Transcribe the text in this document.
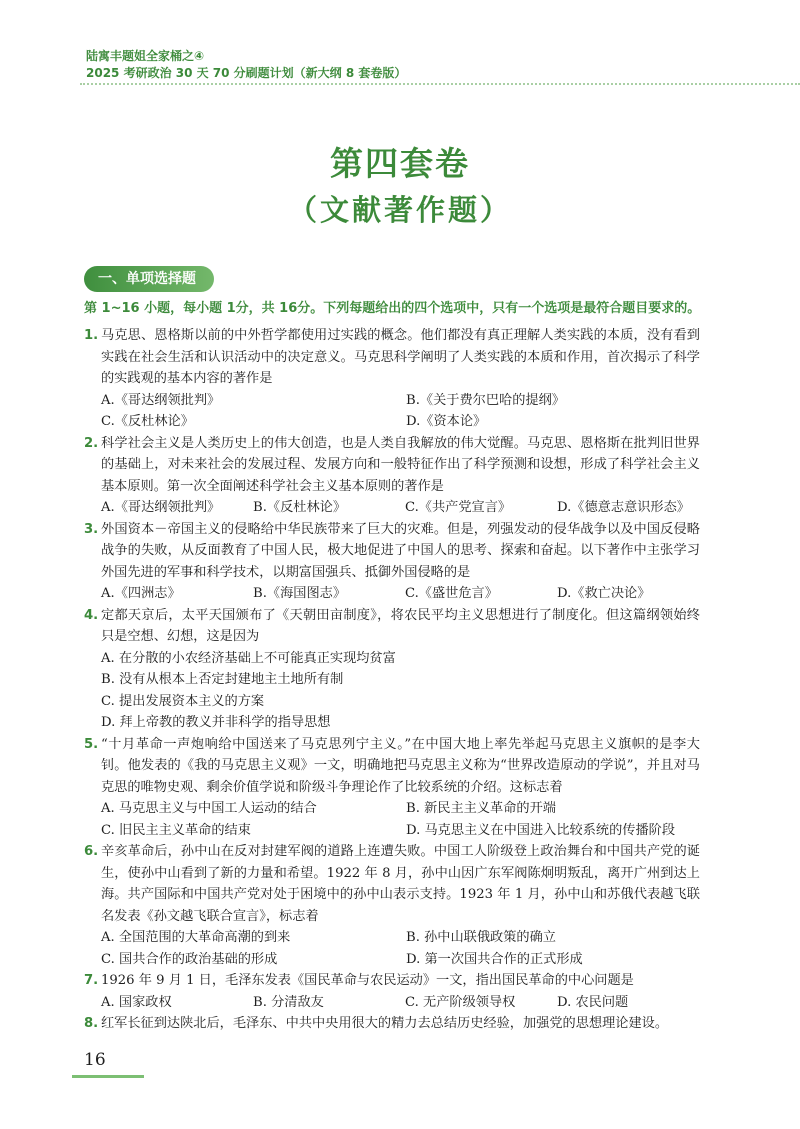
陆寓丰题姐全家桶之④
2025 考研政治 30 天 70 分刷题计划（新大纲 8 套卷版）
第四套卷
（文献著作题）
一、单项选择题
第 1~16 小题，每小题 1分，共 16分。下列每题给出的四个选项中，只有一个选项是最符合题目要求的。
1. 马克思、恩格斯以前的中外哲学都使用过实践的概念。他们都没有真正理解人类实践的本质，没有看到实践在社会生活和认识活动中的决定意义。马克思科学阐明了人类实践的本质和作用，首次揭示了科学的实践观的基本内容的著作是
A.《哥达纲领批判》	B.《关于费尔巴哈的提纲》
C.《反杜林论》	D.《资本论》
2. 科学社会主义是人类历史上的伟大创造，也是人类自我解放的伟大觉醒。马克思、恩格斯在批判旧世界的基础上，对未来社会的发展过程、发展方向和一般特征作出了科学预测和设想，形成了科学社会主义基本原则。第一次全面阐述科学社会主义基本原则的著作是
A.《哥达纲领批判》	B.《反杜林论》	C.《共产党宣言》	D.《德意志意识形态》
3. 外国资本－帝国主义的侵略给中华民族带来了巨大的灾难。但是，列强发动的侵华战争以及中国反侵略战争的失败，从反面教育了中国人民，极大地促进了中国人的思考、探索和奋起。以下著作中主张学习外国先进的军事和科学技术，以期富国强兵、抵御外国侵略的是
A.《四洲志》	B.《海国图志》	C.《盛世危言》	D.《救亡决论》
4. 定都天京后，太平天国颁布了《天朝田亩制度》，将农民平均主义思想进行了制度化。但这篇纲领始终只是空想、幻想，这是因为
A. 在分散的小农经济基础上不可能真正实现均贫富
B. 没有从根本上否定封建地主土地所有制
C. 提出发展资本主义的方案
D. 拜上帝教的教义并非科学的指导思想
5. “十月革命一声炮响给中国送来了马克思列宁主义。”在中国大地上率先举起马克思主义旗帜的是李大钊。他发表的《我的马克思主义观》一文，明确地把马克思主义称为“世界改造原动的学说”，并且对马克思的唯物史观、剩余价值学说和阶级斗争理论作了比较系统的介绍。这标志着
A. 马克思主义与中国工人运动的结合	B. 新民主主义革命的开端
C. 旧民主主义革命的结束	D. 马克思主义在中国进入比较系统的传播阶段
6. 辛亥革命后，孙中山在反对封建军阀的道路上连遭失败。中国工人阶级登上政治舞台和中国共产党的诞生，使孙中山看到了新的力量和希望。1922 年 8 月，孙中山因广东军阀陈炯明叛乱，离开广州到达上海。共产国际和中国共产党对处于困境中的孙中山表示支持。1923 年 1 月，孙中山和苏俄代表越飞联名发表《孙文越飞联合宣言》，标志着
A. 全国范围的大革命高潮的到来	B. 孙中山联俄政策的确立
C. 国共合作的政治基础的形成	D. 第一次国共合作的正式形成
7. 1926 年 9 月 1 日，毛泽东发表《国民革命与农民运动》一文，指出国民革命的中心问题是
A. 国家政权	B. 分清敌友	C. 无产阶级领导权	D. 农民问题
8. 红军长征到达陕北后，毛泽东、中共中央用很大的精力去总结历史经验，加强党的思想理论建设。
16
